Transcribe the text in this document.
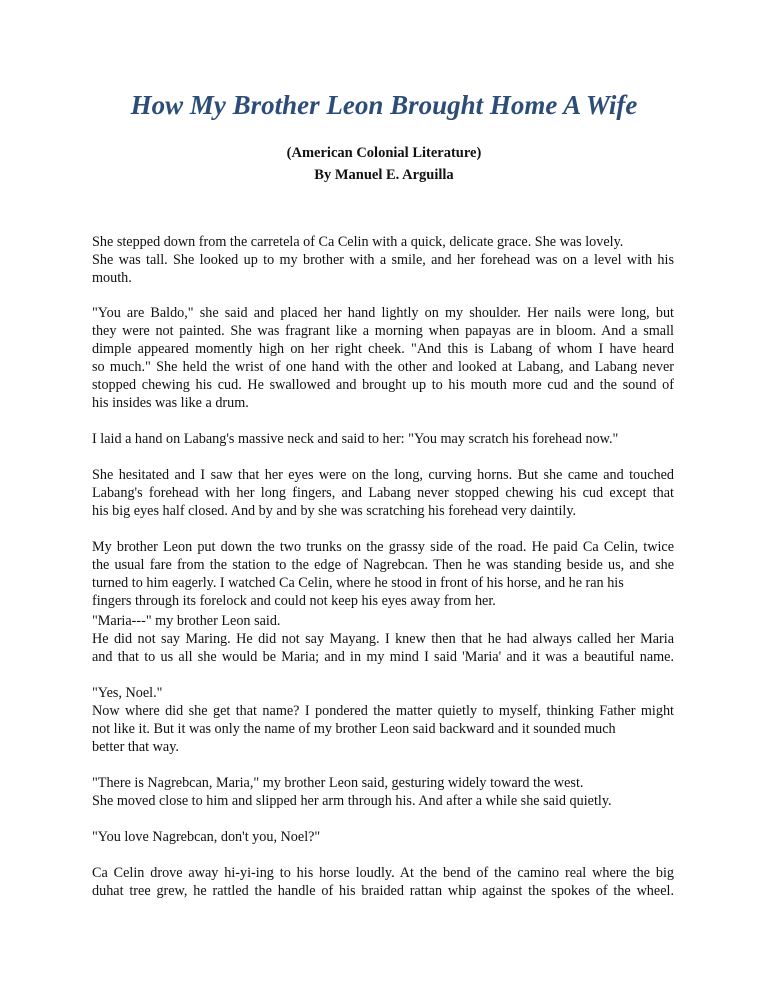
How My Brother Leon Brought Home A Wife
(American Colonial Literature)
By Manuel E. Arguilla
She stepped down from the carretela of Ca Celin with a quick, delicate grace. She was lovely.
She was tall. She looked up to my brother with a smile, and her forehead was on a level with his
mouth.
"You are Baldo," she said and placed her hand lightly on my shoulder. Her nails were long, but
they were not painted. She was fragrant like a morning when papayas are in bloom. And a small
dimple appeared momently high on her right cheek. "And this is Labang of whom I have heard
so much." She held the wrist of one hand with the other and looked at Labang, and Labang never
stopped chewing his cud. He swallowed and brought up to his mouth more cud and the sound of
his insides was like a drum.
I laid a hand on Labang's massive neck and said to her: "You may scratch his forehead now."
She hesitated and I saw that her eyes were on the long, curving horns. But she came and touched
Labang's forehead with her long fingers, and Labang never stopped chewing his cud except that
his big eyes half closed. And by and by she was scratching his forehead very daintily.
My brother Leon put down the two trunks on the grassy side of the road. He paid Ca Celin, twice
the usual fare from the station to the edge of Nagrebcan. Then he was standing beside us, and she
turned to him eagerly. I watched Ca Celin, where he stood in front of his horse, and he ran his
fingers through its forelock and could not keep his eyes away from her.
"Maria---" my brother Leon said.
He did not say Maring. He did not say Mayang. I knew then that he had always called her Maria
and that to us all she would be Maria; and in my mind I said 'Maria' and it was a beautiful name.
"Yes, Noel."
Now where did she get that name? I pondered the matter quietly to myself, thinking Father might
not like it. But it was only the name of my brother Leon said backward and it sounded much
better that way.
"There is Nagrebcan, Maria," my brother Leon said, gesturing widely toward the west.
She moved close to him and slipped her arm through his. And after a while she said quietly.
"You love Nagrebcan, don't you, Noel?"
Ca Celin drove away hi-yi-ing to his horse loudly. At the bend of the camino real where the big
duhat tree grew, he rattled the handle of his braided rattan whip against the spokes of the wheel.
